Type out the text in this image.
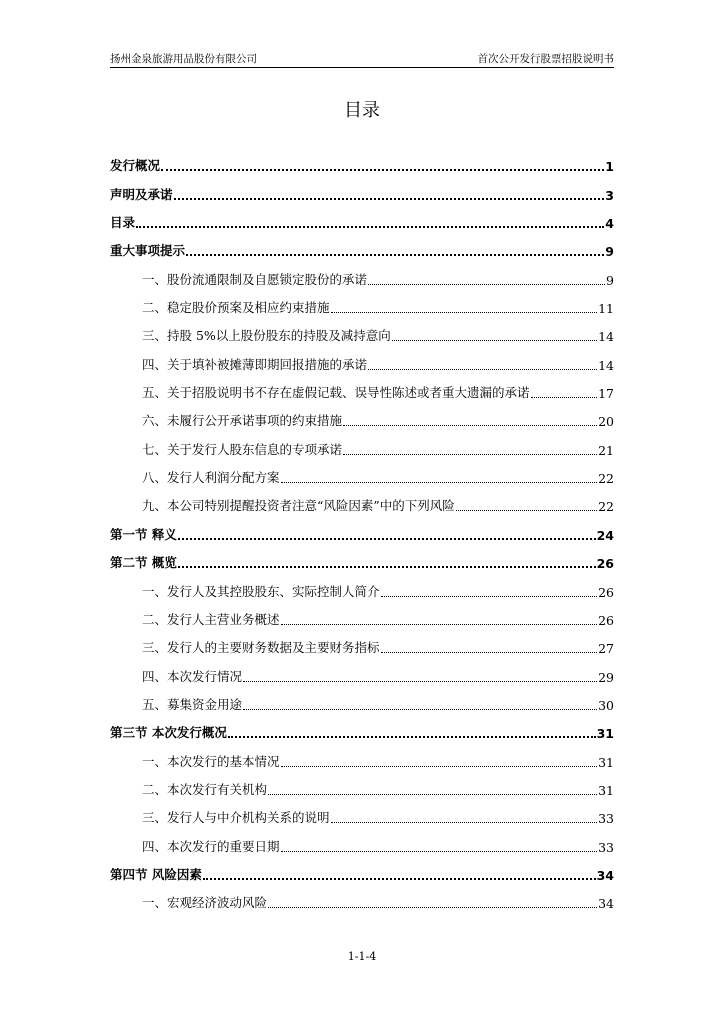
扬州金泉旅游用品股份有限公司	首次公开发行股票招股说明书
目录
发行概况	1
声明及承诺	3
目录	4
重大事项提示	9
一、股份流通限制及自愿锁定股份的承诺	9
二、稳定股价预案及相应约束措施	11
三、持股 5%以上股份股东的持股及减持意向	14
四、关于填补被摊薄即期回报措施的承诺	14
五、关于招股说明书不存在虚假记载、误导性陈述或者重大遗漏的承诺	17
六、未履行公开承诺事项的约束措施	20
七、关于发行人股东信息的专项承诺	21
八、发行人利润分配方案	22
九、本公司特别提醒投资者注意“风险因素”中的下列风险	22
第一节 释义	24
第二节 概览	26
一、发行人及其控股股东、实际控制人简介	26
二、发行人主营业务概述	26
三、发行人的主要财务数据及主要财务指标	27
四、本次发行情况	29
五、募集资金用途	30
第三节 本次发行概况	31
一、本次发行的基本情况	31
二、本次发行有关机构	31
三、发行人与中介机构关系的说明	33
四、本次发行的重要日期	33
第四节 风险因素	34
一、宏观经济波动风险	34
1-1-4
